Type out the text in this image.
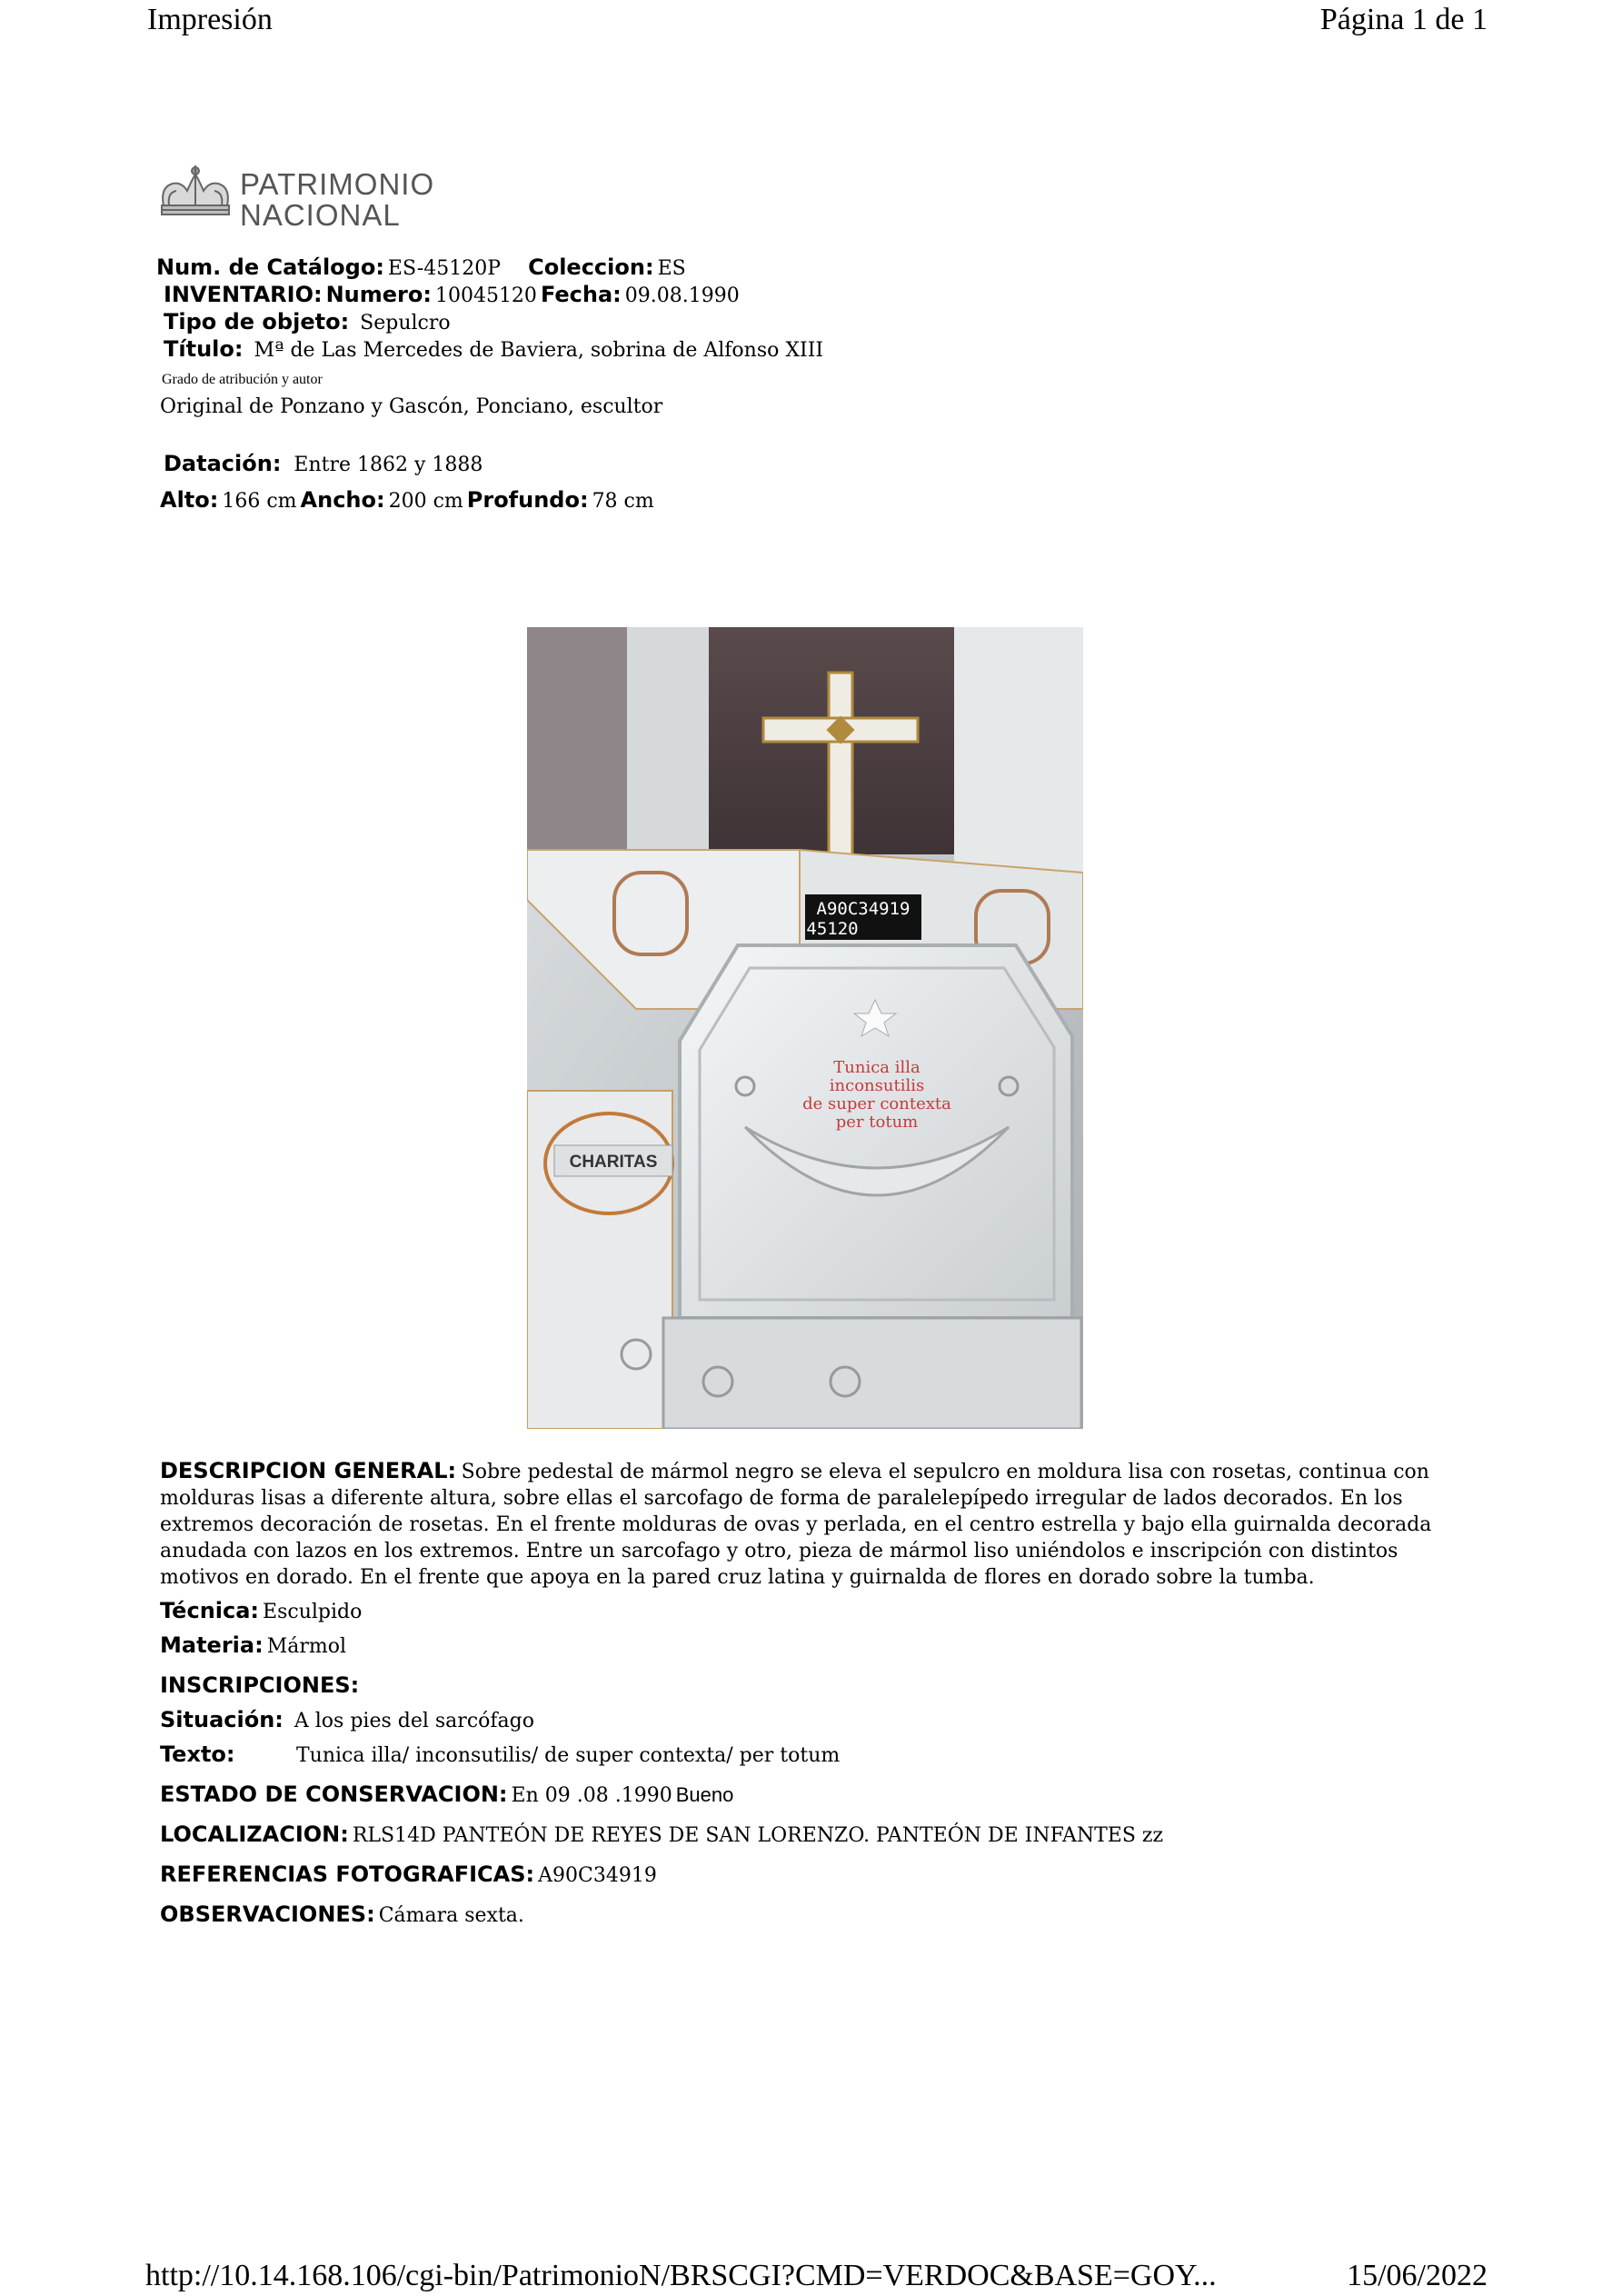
Impresión	Página 1 de 1
PATRIMONIO
NACIONAL
Num. de Catálogo: ES-45120P Coleccion: ES
INVENTARIO: Numero: 10045120 Fecha: 09.08.1990
Tipo de objeto: Sepulcro
Título: Mª de Las Mercedes de Baviera, sobrina de Alfonso XIII
Grado de atribución y autor
Original de Ponzano y Gascón, Ponciano, escultor
Datación: Entre 1862 y 1888
Alto: 166 cm Ancho: 200 cm Profundo: 78 cm
A90C34919
45120
CHARITAS
Tunica illa
inconsutilis
de super contexta
per totum
DESCRIPCION GENERAL: Sobre pedestal de mármol negro se eleva el sepulcro en moldura lisa con rosetas, continua con molduras lisas a diferente altura, sobre ellas el sarcofago de forma de paralelepípedo irregular de lados decorados. En los extremos decoración de rosetas. En el frente molduras de ovas y perlada, en el centro estrella y bajo ella guirnalda decorada anudada con lazos en los extremos. Entre un sarcofago y otro, pieza de mármol liso uniéndolos e inscripción con distintos motivos en dorado. En el frente que apoya en la pared cruz latina y guirnalda de flores en dorado sobre la tumba.
Técnica: Esculpido
Materia: Mármol
INSCRIPCIONES:
Situación: A los pies del sarcófago
Texto:	Tunica illa/ inconsutilis/ de super contexta/ per totum
ESTADO DE CONSERVACION: En 09 .08 .1990 Bueno
LOCALIZACION: RLS14D PANTEÓN DE REYES DE SAN LORENZO. PANTEÓN DE INFANTES zz
REFERENCIAS FOTOGRAFICAS: A90C34919
OBSERVACIONES: Cámara sexta.
http://10.14.168.106/cgi-bin/PatrimonioN/BRSCGI?CMD=VERDOC&BASE=GOY...	15/06/2022
